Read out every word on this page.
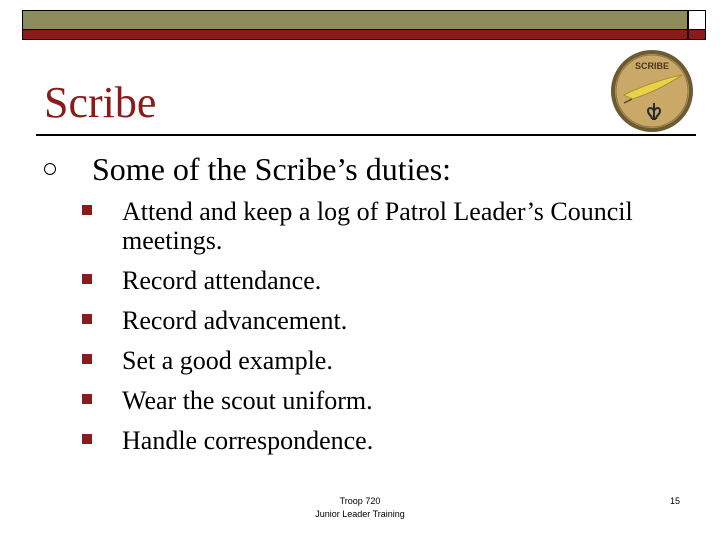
Scribe
SCRIBE
Some of the Scribe’s duties:
Attend and keep a log of Patrol Leader’s Council meetings.
Record attendance.
Record advancement.
Set a good example.
Wear the scout uniform.
Handle correspondence.
Troop 720
Junior Leader Training
15
